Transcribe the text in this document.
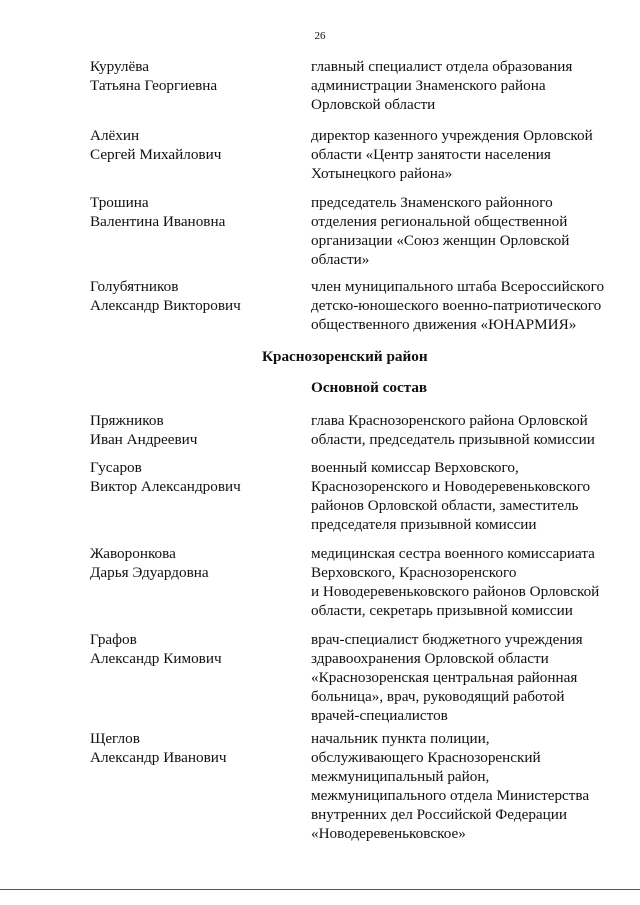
26
Курулёва
Татьяна Георгиевна
главный специалист отдела образования
администрации Знаменского района
Орловской области
Алёхин
Сергей Михайлович
директор казенного учреждения Орловской
области «Центр занятости населения
Хотынецкого района»
Трошина
Валентина Ивановна
председатель Знаменского районного
отделения региональной общественной
организации «Союз женщин Орловской
области»
Голубятников
Александр Викторович
член муниципального штаба Всероссийского
детско-юношеского военно-патриотического
общественного движения «ЮНАРМИЯ»
Краснозоренский район
Основной состав
Пряжников
Иван Андреевич
глава Краснозоренского района Орловской
области, председатель призывной комиссии
Гусаров
Виктор Александрович
военный комиссар Верховского,
Краснозоренского и Новодеревеньковского
районов Орловской области, заместитель
председателя призывной комиссии
Жаворонкова
Дарья Эдуардовна
медицинская сестра военного комиссариата
Верховского, Краснозоренского
и Новодеревеньковского районов Орловской
области, секретарь призывной комиссии
Графов
Александр Кимович
врач-специалист бюджетного учреждения
здравоохранения Орловской области
«Краснозоренская центральная районная
больница», врач, руководящий работой
врачей-специалистов
Щеглов
Александр Иванович
начальник пункта полиции,
обслуживающего Краснозоренский
межмуниципальный район,
межмуниципального отдела Министерства
внутренних дел Российской Федерации
«Новодеревеньковское»
